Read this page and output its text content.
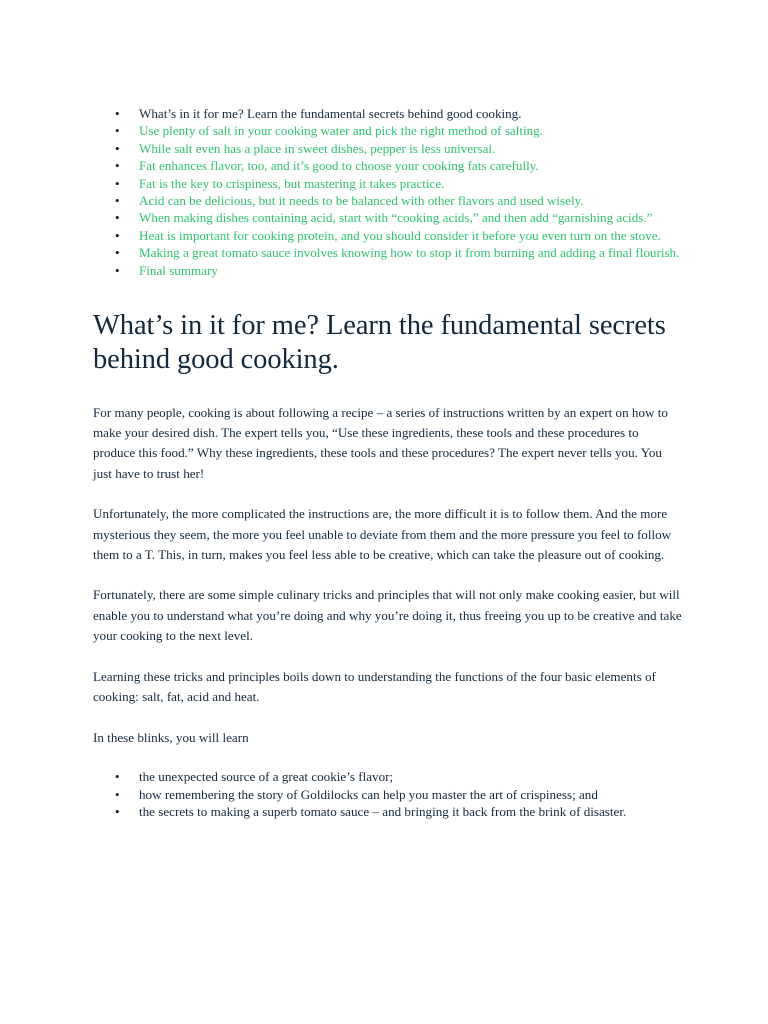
• What’s in it for me? Learn the fundamental secrets behind good cooking.
• Use plenty of salt in your cooking water and pick the right method of salting.
• While salt even has a place in sweet dishes, pepper is less universal.
• Fat enhances flavor, too, and it’s good to choose your cooking fats carefully.
• Fat is the key to crispiness, but mastering it takes practice.
• Acid can be delicious, but it needs to be balanced with other flavors and used wisely.
• When making dishes containing acid, start with “cooking acids,” and then add “garnishing acids.”
• Heat is important for cooking protein, and you should consider it before you even turn on the stove.
• Making a great tomato sauce involves knowing how to stop it from burning and adding a final flourish.
• Final summary
What’s in it for me? Learn the fundamental secrets behind good cooking.

For many people, cooking is about following a recipe – a series of instructions written by an expert on how to make your desired dish. The expert tells you, “Use these ingredients, these tools and these procedures to produce this food.” Why these ingredients, these tools and these procedures? The expert never tells you. You just have to trust her!

Unfortunately, the more complicated the instructions are, the more difficult it is to follow them. And the more mysterious they seem, the more you feel unable to deviate from them and the more pressure you feel to follow them to a T. This, in turn, makes you feel less able to be creative, which can take the pleasure out of cooking.

Fortunately, there are some simple culinary tricks and principles that will not only make cooking easier, but will enable you to understand what you’re doing and why you’re doing it, thus freeing you up to be creative and take your cooking to the next level.

Learning these tricks and principles boils down to understanding the functions of the four basic elements of cooking: salt, fat, acid and heat.

In these blinks, you will learn

• the unexpected source of a great cookie’s flavor;
• how remembering the story of Goldilocks can help you master the art of crispiness; and
• the secrets to making a superb tomato sauce – and bringing it back from the brink of disaster.
